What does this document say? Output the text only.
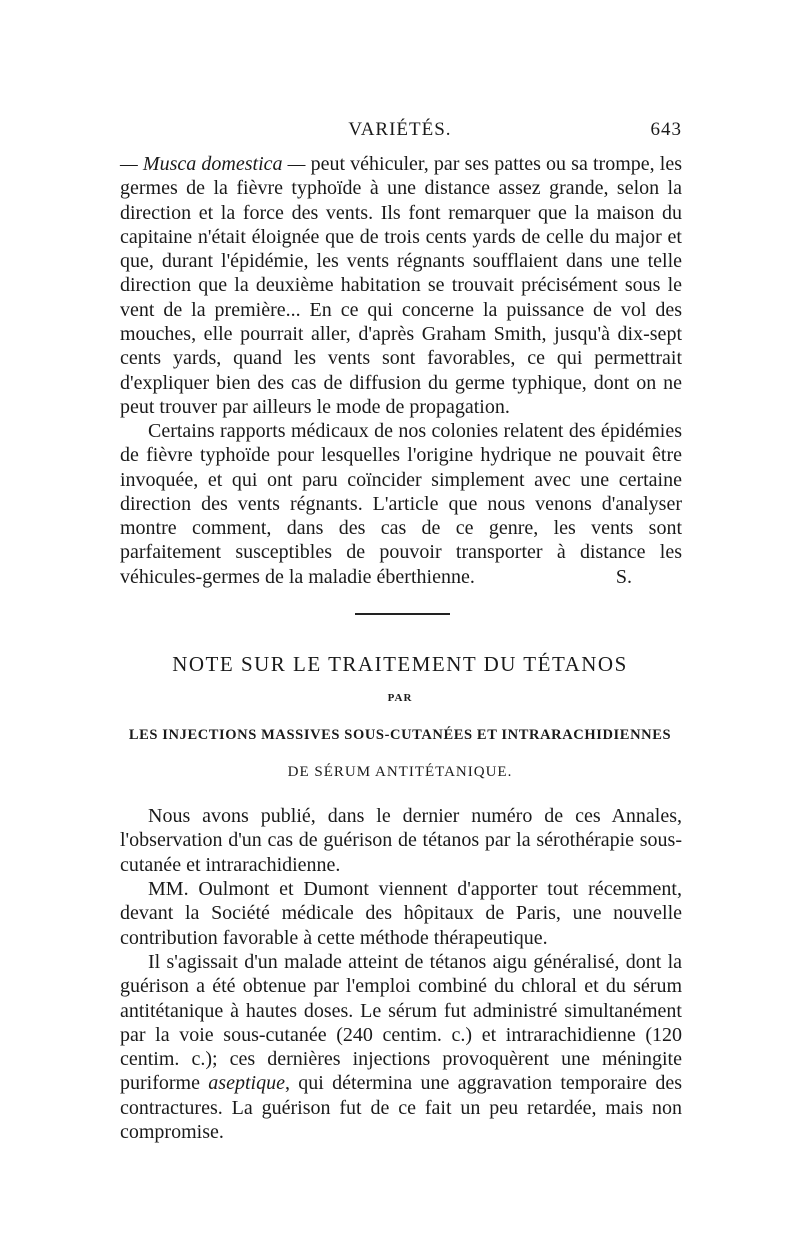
VARIÉTÉS.	643

— Musca domestica — peut véhiculer, par ses pattes ou sa trompe, les germes de la fièvre typhoïde à une distance assez grande, selon la direction et la force des vents. Ils font remarquer que la maison du capitaine n'était éloignée que de trois cents yards de celle du major et que, durant l'épidémie, les vents régnants soufflaient dans une telle direction que la deuxième habitation se trouvait précisément sous le vent de la première... En ce qui concerne la puissance de vol des mouches, elle pourrait aller, d'après Graham Smith, jusqu'à dix-sept cents yards, quand les vents sont favorables, ce qui permettrait d'expliquer bien des cas de diffusion du germe typhique, dont on ne peut trouver par ailleurs le mode de propagation.

Certains rapports médicaux de nos colonies relatent des épidémies de fièvre typhoïde pour lesquelles l'origine hydrique ne pouvait être invoquée, et qui ont paru coïncider simplement avec une certaine direction des vents régnants. L'article que nous venons d'analyser montre comment, dans des cas de ce genre, les vents sont parfaitement susceptibles de pouvoir transporter à distance les véhicules-germes de la maladie éberthienne.	S.
NOTE SUR LE TRAITEMENT DU TÉTANOS
PAR
LES INJECTIONS MASSIVES SOUS-CUTANÉES ET INTRARACHIDIENNES
DE SÉRUM ANTITÉTANIQUE.

Nous avons publié, dans le dernier numéro de ces Annales, l'observation d'un cas de guérison de tétanos par la sérothérapie sous-cutanée et intrarachidienne.

MM. Oulmont et Dumont viennent d'apporter tout récemment, devant la Société médicale des hôpitaux de Paris, une nouvelle contribution favorable à cette méthode thérapeutique.

Il s'agissait d'un malade atteint de tétanos aigu généralisé, dont la guérison a été obtenue par l'emploi combiné du chloral et du sérum antitétanique à hautes doses. Le sérum fut administré simultanément par la voie sous-cutanée (240 centim. c.) et intrarachidienne (120 centim. c.); ces dernières injections provoquèrent une méningite puriforme aseptique, qui détermina une aggravation temporaire des contractures. La guérison fut de ce fait un peu retardée, mais non compromise.
